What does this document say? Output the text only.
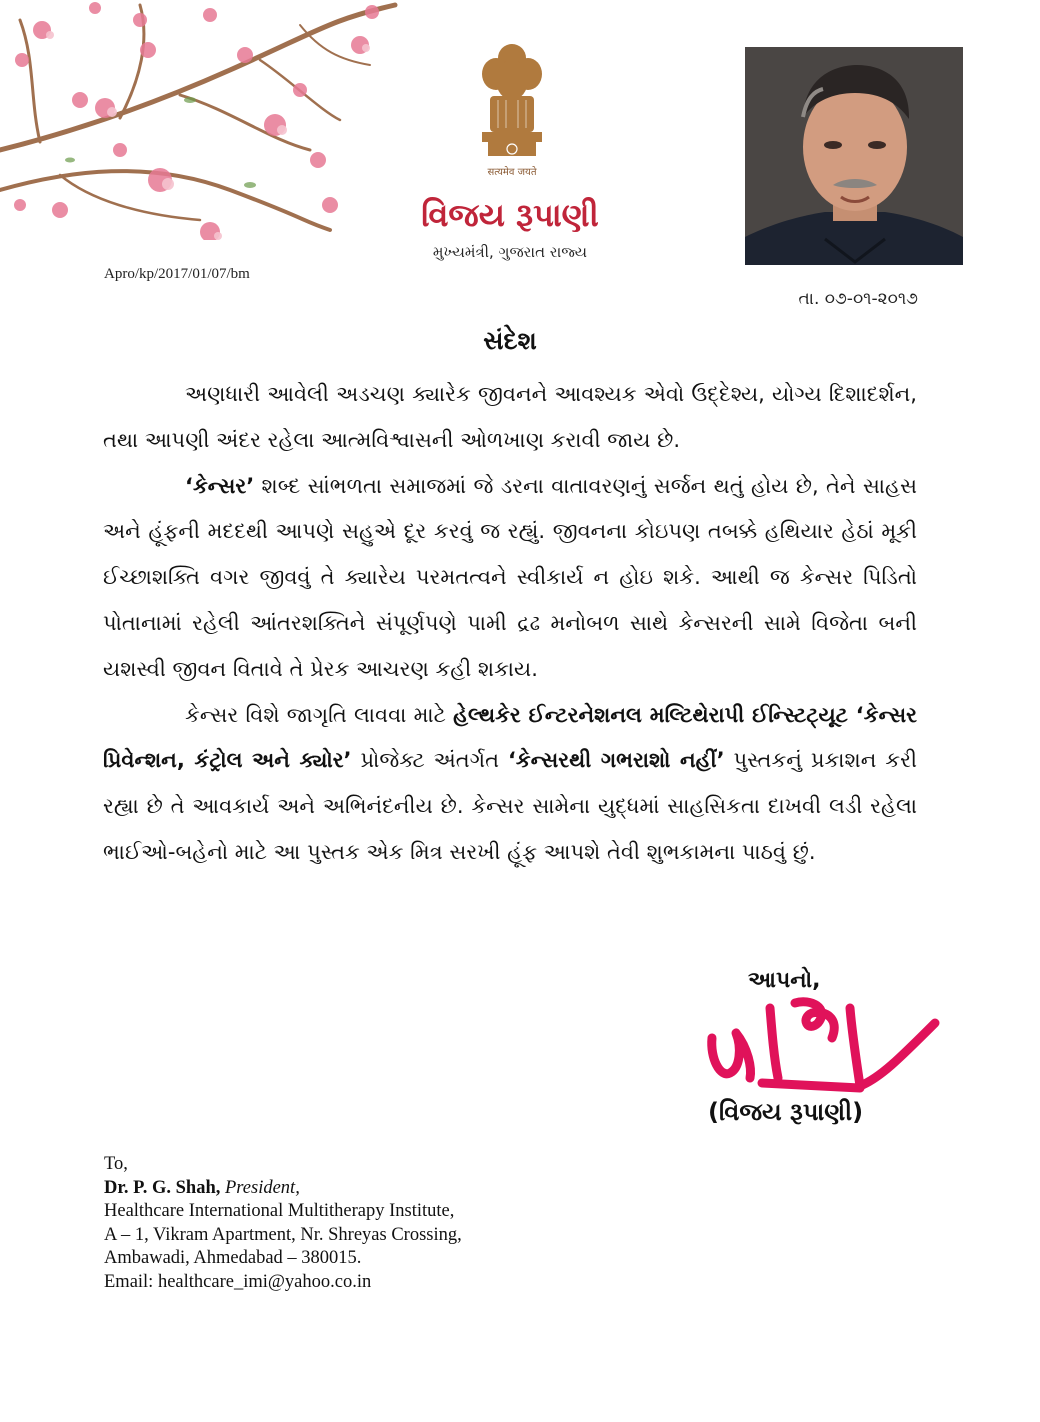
सत्यमेव जयते
વિજય રૂપાણી
મુખ્યમંત્રી, ગુજરાત રાજ્ય
Apro/kp/2017/01/07/bm
તા. ૦૭-૦૧-૨૦૧૭
સંદેશ

અણધારી આવેલી અડચણ ક્યારેક જીવનને આવશ્યક એવો ઉદ્દેશ્ય, યોગ્ય દિશાદર્શન, તથા આપણી અંદર રહેલા આત્મવિશ્વાસની ઓળખાણ કરાવી જાય છે.

‘કેન્સર’ શબ્દ સાંભળતા સમાજમાં જે ડરના વાતાવરણનું સર્જન થતું હોય છે, તેને સાહસ અને હૂંફની મદદથી આપણે સહુએ દૂર કરવું જ રહ્યું. જીવનના કોઇપણ તબક્કે હથિયાર હેઠાં મૂકી ઈચ્છાશક્તિ વગર જીવવું તે ક્યારેય પરમતત્વને સ્વીકાર્ય ન હોઇ શકે. આથી જ કેન્સર પિડિતો પોતાનામાં રહેલી આંતરશક્તિને સંપૂર્ણપણે પામી દ્રઢ મનોબળ સાથે કેન્સરની સામે વિજેતા બની યશસ્વી જીવન વિતાવે તે પ્રેરક આચરણ કહી શકાય.

કેન્સર વિશે જાગૃતિ લાવવા માટે હેલ્થકેર ઈન્ટરનેશનલ મલ્ટિથેરાપી ઈન્સ્ટિટ્યૂટ ‘કેન્સર પ્રિવેન્શન, કંટ્રોલ અને ક્યોર’ પ્રોજેક્ટ અંતર્ગત ‘કેન્સરથી ગભરાશો નહીં’ પુસ્તકનું પ્રકાશન કરી રહ્યા છે તે આવકાર્ય અને અભિનંદનીય છે. કેન્સર સામેના યુદ્ધમાં સાહસિકતા દાખવી લડી રહેલા ભાઈઓ-બહેનો માટે આ પુસ્તક એક મિત્ર સરખી હૂંફ આપશે તેવી શુભકામના પાઠવું છું.

આપનો,
(વિજય રૂપાણી)
To,
Dr. P. G. Shah, President,
Healthcare International Multitherapy Institute,
A – 1, Vikram Apartment, Nr. Shreyas Crossing,
Ambawadi, Ahmedabad – 380015.
Email: healthcare_imi@yahoo.co.in
